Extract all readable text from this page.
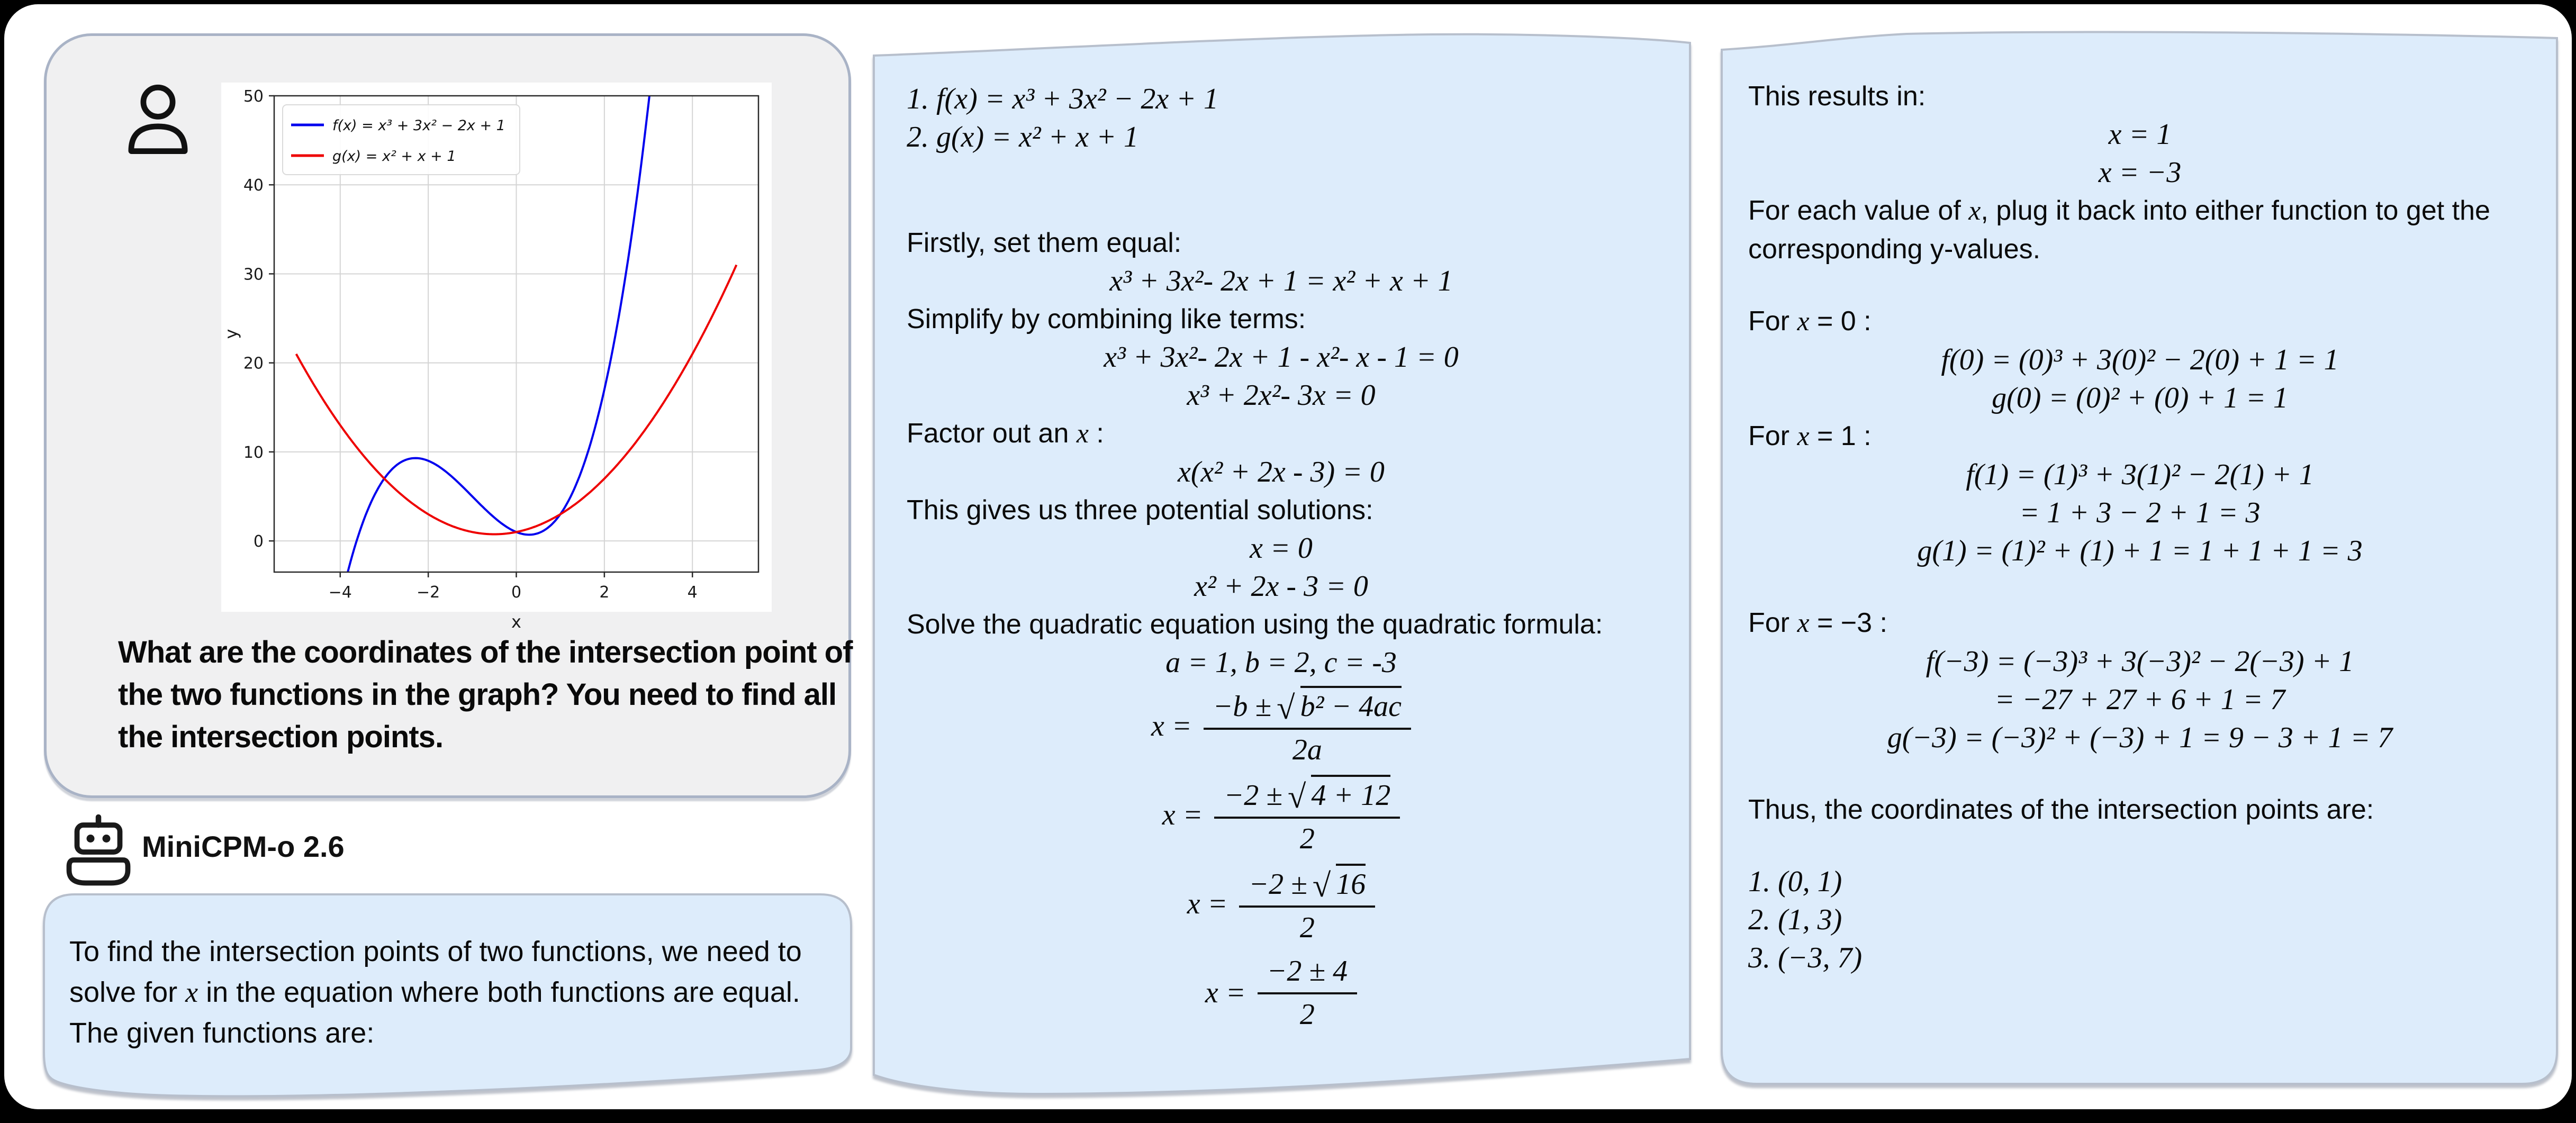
−4	−2	0	2	4
0
10
20
30
40
50
x
y
f(x) = x³ + 3x² − 2x + 1
g(x) = x² + x + 1
What are the coordinates of the intersection point of the two functions in the graph? You need to find all the intersection points.
MiniCPM-o 2.6
To find the intersection points of two functions, we need to solve for x in the equation where both functions are equal. The given functions are:
1. f(x) = x³ + 3x² − 2x + 1
2. g(x) = x² + x + 1
Firstly, set them equal:
x³ + 3x²- 2x + 1 = x² + x + 1
Simplify by combining like terms:
x³ + 3x²- 2x + 1 - x²- x - 1 = 0
x³ + 2x²- 3x = 0
Factor out an x :
x(x² + 2x - 3) = 0
This gives us three potential solutions:
x = 0
x² + 2x - 3 = 0
Solve the quadratic equation using the quadratic formula:
a = 1, b = 2, c = -3
$x = \frac{\text{−b ± √ b² − 4ac}}{2a}$
$x = \frac{-2 \pm √ 4 + 12}{2}$
$x = \frac{-2 \pm √ 16}{2}$
$x = \frac{-2 \pm 4}{2}$
This results in:
x = 1
x = −3
For each value of x, plug it back into either function to get the corresponding y-values.
For x = 0 :
f(0) = (0)³ + 3(0)² − 2(0) + 1 = 1
g(0) = (0)² + (0) + 1 = 1
For x = 1 :
f(1) = (1)³ + 3(1)² − 2(1) + 1
= 1 + 3 − 2 + 1 = 3
g(1) = (1)² + (1) + 1 = 1 + 1 + 1 = 3
For x = −3 :
f(−3) = (−3)³ + 3(−3)² − 2(−3) + 1
= −27 + 27 + 6 + 1 = 7
g(−3) = (−3)² + (−3) + 1 = 9 − 3 + 1 = 7
Thus, the coordinates of the intersection points are:
1. (0, 1)
2. (1, 3)
3. (−3, 7)
